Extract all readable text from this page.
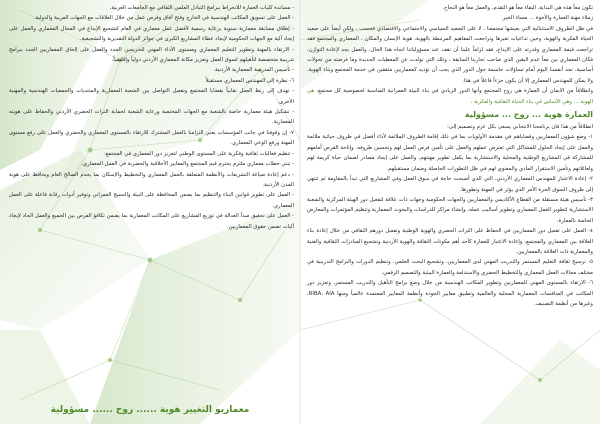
تكون معاً هذه هي البداية، البقاء معاً هو التقدم، والعمل معاً هو النجاح.

زملاء مهنة العمارة والأخوة ... مساء الخير.

في ظل الظروف الاستثنائية التي يعيشها مجتمعنا ، لا على الصعيد السياسي والاجتماعي والاقتصادي فحسب ، ولكن أيضاً على صعيد الحياة الفكرية والهوية، وحين تداعيات تغيرها وتراجعت المفاهيم المرتبطة بالهوية، هوية الإنسان والمكان ، المعماري والمجتمع فقد تراجعت قيمة المعماري وقدرته على الإبداع، فقد لزاماً علينا أن نقف عند مسؤولياتنا اتجاه هذا الحال، والعمل بجد لإعادة التوازن، فكان المعماري بين معاً عدم اليقين الذي صاحب تجاربنا السابقة ، وتلك التي تولدت عن المعطيات الجديدة وما فرضته من تحولات أساسية، نجد أنفسنا اليوم أمام تساؤلات حاسمة حول الدور الذي يجب أن نؤديه كمعماريين مثقفين في خدمة المجتمع وبناء الهوية، ولا يمكن للمهندس المعماري إلا أن يكون جزءاً فاعلاً في هذا.

وانطلاقاً من الايمان أن العمارة هي روح المجتمع وأنها الدور الريادي في بناء البيئة العمرانية المناسبة لخصوصية كل مجتمع، هي الهوية ... وهي الأساس في بناء الحياة الثقافية والفكرية ،

العمارة هوية ... روح ... مسؤولية

انطلاقاً من هذا فان برنامجنا الانتخابي يسعى بكل عزم وتصميم إلى:

١- وضع شؤون المعماريين وقضاياهم في مقدمة الأولويات بما في ذلك إقامة الظروف الملائمة لأداء أفضل في ظروف حياتية ملائمة والعمل على إيجاد الحلول للمشاكل التي تعترض عملهم والعمل على تأمين فرص العمل لهم وتحسين ظروفه. وإتاحة الفرص أمامهم للمشاركة في المشاريع الوطنية والمحلية والاستشارية بما يكفل تطوير مهنتهم، والعمل على إيجاد مصادر لضمان حياة كريمة لهم ولعائلاتهم وتأمين الاستقرار المادي والمعنوي لهم في ظل التطورات الحاصلة وضمان مستقبلهم.

٢- إعادة الاعتبار للمهندس المعماري الأردني، التي الذي أصبحت حاجة في سوق العمل وفي المشاريع التي تبدأ بالمقاومة ثم تنتهي إلى ظروف السوق الحرة الأمر الذي يؤثر في المهنة وتطورها.

٣- تأسيس هيئة مستقلة من القطاع الأكاديمي والمعماريين والجهات الحكومية وجهات ذات علاقة لتفعيل دور الهيئة المركزية والشعبة الاستشارية لتطوير العمل المعماري وتطوير أساليب عمله، وإنشاء مراكز للدراسات والبحوث المعمارية وتنظيم المؤتمرات والمعارض الخاصة بالعمارة.

٤- العمل على تفعيل دور المعماريين في الحفاظ على التراث الحضري والهوية الوطنية وتفعيل دورهم الثقافي من خلال إعادة بناء العلاقة بين المعماري والمجتمع، وإعادة الاعتبار للعمارة كأحد أهم مكونات الثقافة والهوية الأردنية وتشجيع المبادرات الثقافية والفنية والمعمارية ذات العلاقة بالمعماريين.

٥- ترسيخ ثقافة التعليم المستمر والتدريب المهني لدى المعماريين، وتشجيع البحث العلمي، وتنظيم الدورات والبرامج التدريبية في مختلف مجالات العمل المعماري والتخطيط الحضري والاستدامة والعمارة البيئية والتصميم الرقمي.

٦- الارتقاء بالمستوى المهني للمعماريين وتطوير المكاتب الهندسية من خلال وضع برامج التأهيل والتدريب المستمر، وتعزيز دور المكاتب في المنافسات المعمارية المحلية والعالمية وتطبيق معايير الجودة وأنظمة المعايير المعتمدة عالمياً ومنها RIBA، AIA، وغيرها من أنظمة التصنيف.

- مساندة كليات العمارة للانخراط ببرامج التبادل العلمي الثقافي مع الجامعات العربية.

- العمل على تسويق المكاتب الهندسية في الخارج وفتح آفاق وفرص عمل من خلال العلاقات مع الجهات العربية والدولية.

- إطلاق مسابقة معمارية سنوية برعاية رسمية لأفضل عمل معماري في العام لتشجيع الإبداع في المجال المعماري والعمل على إيجاد آلية مع الجهات الحكومية لإيجاد عطاء المشاريع الكبرى في جوائز الدولة التقديرية والتشجيعية.

- الارتقاء بالمهنة وتطوير التعليم المعماري ومستوى الأداء المهني للخريجين الجدد والعمل على إلحاق المعماريين الجدد ببرامج تدريبية متخصصة لتأهيلهم لسوق العمل وتعزيز مكانة المعماري الأردني دولياً وإقليمياً.

- تأسيس المدرسة المعمارية الأردنية.

٦- نظرة إلى المهندس المعماري مستقبلاً

- نهدف إلى ربط العمل نقابياً بقضايا المجتمع وتفعيل التواصل بين الشعبة المعمارية والمنتديات والجمعيات الهندسية والمهنية الأخرى.

- تشكيل هيئة معمارية خاصة بالشعبة مع الجهات المختصة ورعاية الشعبة لحماية التراث الحضري الأردني والحفاظ على هويته المعمارية.

٧- إن وقوفنا في جانب المؤسسات يعني التزامنا بالعمل المشترك للارتقاء بالمستوى المعماري والحضري والعمل على رفع مستوى المهنة ورفع الوعي المعماري.

- تنظيم فعاليات ثقافية وفكرية على المستوى الوطني لتعزيز دور المعماري في المجتمع.

- تبني خطاب معماري ملتزم يحترم قيم المجتمع والمعايير الأخلاقية والحضرية في العمل المعماري.

- دعم إعادة صياغة التشريعات والأنظمة المتعلقة بالعمل المعماري والتخطيط والإسكان بما يخدم الصالح العام ويحافظ على هوية المدن الأردنية.

- العمل على تطوير قوانين البناء والتنظيم بما يضمن المحافظة على البيئة والنسيج العمراني وتوفير أدوات رقابة فاعلة على العمل المعماري.

- العمل على تحقيق مبدأ العدالة في توزيع المشاريع على المكاتب المعمارية بما يضمن تكافؤ الفرص بين الجميع والعمل الجاد لإيجاد آليات تضمن حقوق المعماريين.

معماريو التغيير هوية ...... روح ...... مسؤولية
